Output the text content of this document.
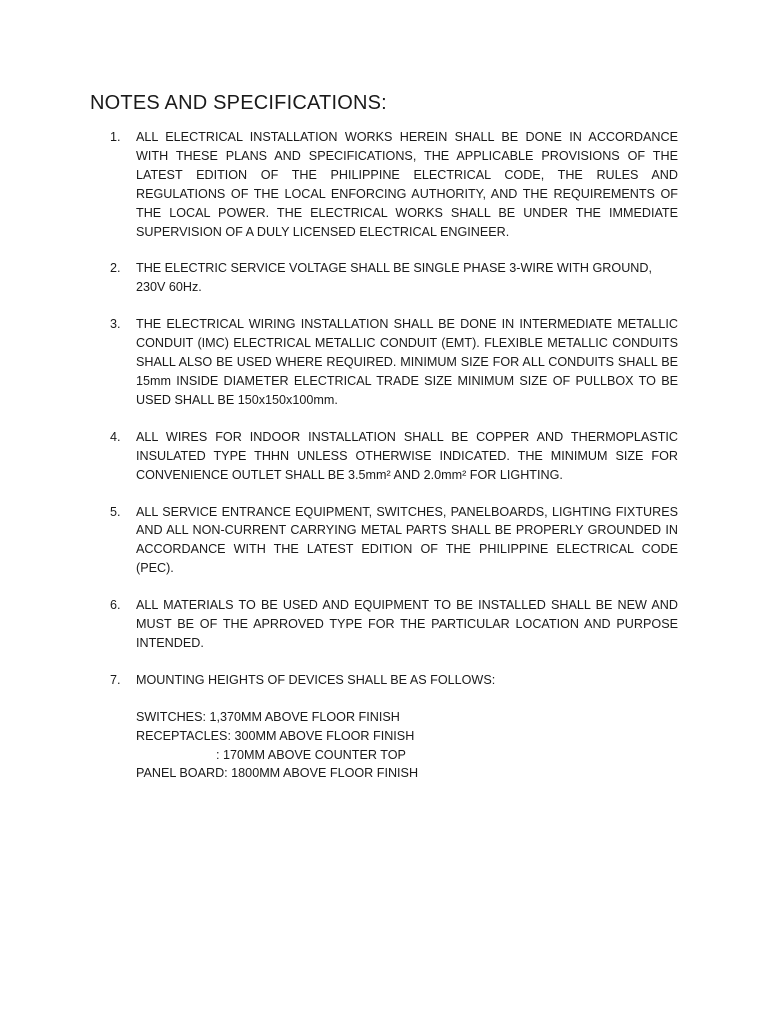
NOTES AND SPECIFICATIONS:
1. ALL ELECTRICAL INSTALLATION WORKS HEREIN SHALL BE DONE IN ACCORDANCE WITH THESE PLANS AND SPECIFICATIONS, THE APPLICABLE PROVISIONS OF THE LATEST EDITION OF THE PHILIPPINE ELECTRICAL CODE, THE RULES AND REGULATIONS OF THE LOCAL ENFORCING AUTHORITY, AND THE REQUIREMENTS OF THE LOCAL POWER. THE ELECTRICAL WORKS SHALL BE UNDER THE IMMEDIATE SUPERVISION OF A DULY LICENSED ELECTRICAL ENGINEER.
2. THE ELECTRIC SERVICE VOLTAGE SHALL BE SINGLE PHASE 3-WIRE WITH GROUND, 230V 60Hz.
3. THE ELECTRICAL WIRING INSTALLATION SHALL BE DONE IN INTERMEDIATE METALLIC CONDUIT (IMC) ELECTRICAL METALLIC CONDUIT (EMT). FLEXIBLE METALLIC CONDUITS SHALL ALSO BE USED WHERE REQUIRED. MINIMUM SIZE FOR ALL CONDUITS SHALL BE 15mm INSIDE DIAMETER ELECTRICAL TRADE SIZE MINIMUM SIZE OF PULLBOX TO BE USED SHALL BE 150x150x100mm.
4. ALL WIRES FOR INDOOR INSTALLATION SHALL BE COPPER AND THERMOPLASTIC INSULATED TYPE THHN UNLESS OTHERWISE INDICATED. THE MINIMUM SIZE FOR CONVENIENCE OUTLET SHALL BE 3.5mm² AND 2.0mm² FOR LIGHTING.
5. ALL SERVICE ENTRANCE EQUIPMENT, SWITCHES, PANELBOARDS, LIGHTING FIXTURES AND ALL NON-CURRENT CARRYING METAL PARTS SHALL BE PROPERLY GROUNDED IN ACCORDANCE WITH THE LATEST EDITION OF THE PHILIPPINE ELECTRICAL CODE (PEC).
6. ALL MATERIALS TO BE USED AND EQUIPMENT TO BE INSTALLED SHALL BE NEW AND MUST BE OF THE APRROVED TYPE FOR THE PARTICULAR LOCATION AND PURPOSE INTENDED.
7. MOUNTING HEIGHTS OF DEVICES SHALL BE AS FOLLOWS:
SWITCHES: 1,370MM ABOVE FLOOR FINISH
RECEPTACLES: 300MM ABOVE FLOOR FINISH
: 170MM ABOVE COUNTER TOP
PANEL BOARD: 1800MM ABOVE FLOOR FINISH
